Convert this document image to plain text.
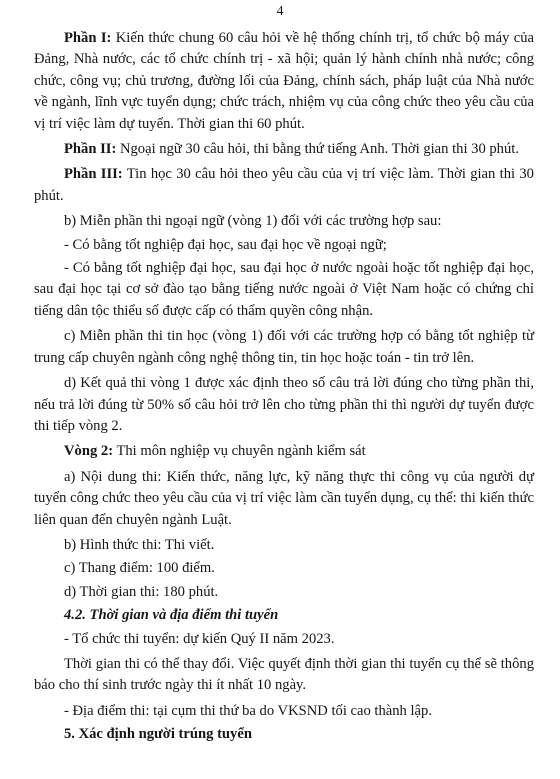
4

Phần I: Kiến thức chung 60 câu hỏi về hệ thống chính trị, tổ chức bộ máy của Đảng, Nhà nước, các tổ chức chính trị - xã hội; quản lý hành chính nhà nước; công chức, công vụ; chủ trương, đường lối của Đảng, chính sách, pháp luật của Nhà nước về ngành, lĩnh vực tuyển dụng; chức trách, nhiệm vụ của công chức theo yêu cầu của vị trí việc làm dự tuyển. Thời gian thi 60 phút.

Phần II: Ngoại ngữ 30 câu hỏi, thi bằng thứ tiếng Anh. Thời gian thi 30 phút.

Phần III: Tin học 30 câu hỏi theo yêu cầu của vị trí việc làm. Thời gian thi 30 phút.

b) Miễn phần thi ngoại ngữ (vòng 1) đối với các trường hợp sau:

- Có bằng tốt nghiệp đại học, sau đại học về ngoại ngữ;

- Có bằng tốt nghiệp đại học, sau đại học ở nước ngoài hoặc tốt nghiệp đại học, sau đại học tại cơ sở đào tạo bằng tiếng nước ngoài ở Việt Nam hoặc có chứng chỉ tiếng dân tộc thiểu số được cấp có thẩm quyền công nhận.

c) Miễn phần thi tin học (vòng 1) đối với các trường hợp có bằng tốt nghiệp từ trung cấp chuyên ngành công nghệ thông tin, tin học hoặc toán - tin trở lên.

d) Kết quả thi vòng 1 được xác định theo số câu trả lời đúng cho từng phần thi, nếu trả lời đúng từ 50% số câu hỏi trở lên cho từng phần thi thì người dự tuyển được thi tiếp vòng 2.

Vòng 2: Thi môn nghiệp vụ chuyên ngành kiểm sát

a) Nội dung thi: Kiến thức, năng lực, kỹ năng thực thi công vụ của người dự tuyển công chức theo yêu cầu của vị trí việc làm cần tuyển dụng, cụ thể: thi kiến thức liên quan đến chuyên ngành Luật.

b) Hình thức thi: Thi viết.

c) Thang điểm: 100 điểm.

d) Thời gian thi: 180 phút.

4.2. Thời gian và địa điểm thi tuyển

- Tổ chức thi tuyển: dự kiến Quý II năm 2023.

Thời gian thi có thể thay đổi. Việc quyết định thời gian thi tuyển cụ thể sẽ thông báo cho thí sinh trước ngày thi ít nhất 10 ngày.

- Địa điểm thi: tại cụm thi thứ ba do VKSND tối cao thành lập.

5. Xác định người trúng tuyển
